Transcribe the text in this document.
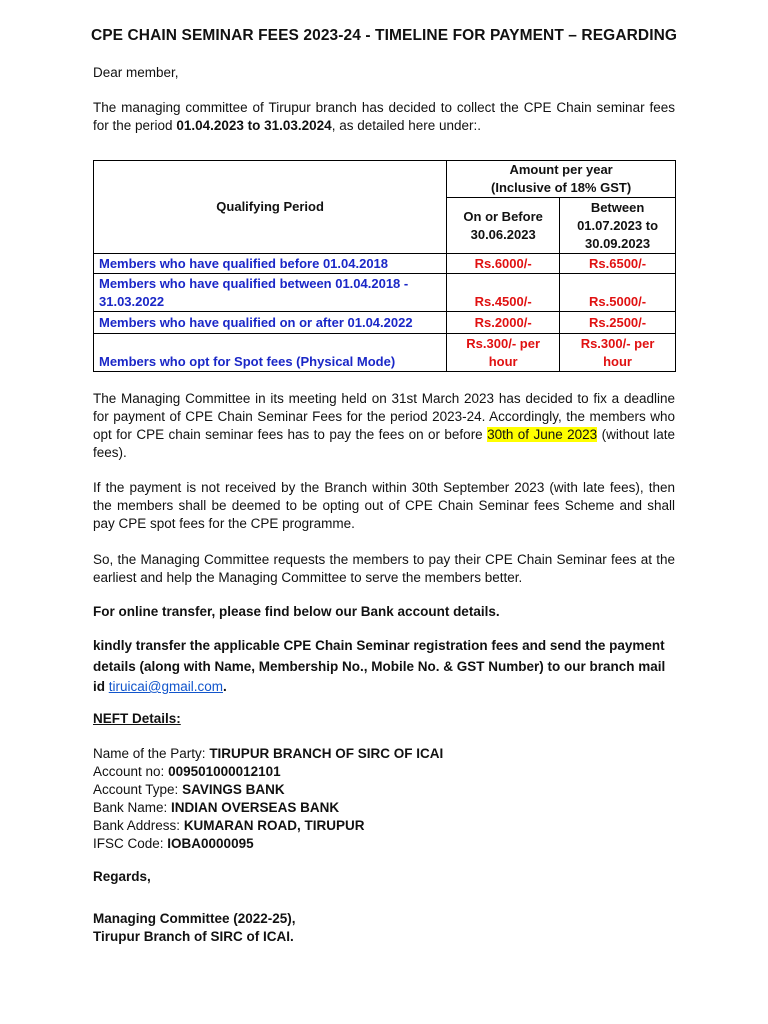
CPE CHAIN SEMINAR FEES 2023-24 - TIMELINE FOR PAYMENT – REGARDING
Dear member,
The managing committee of Tirupur branch has decided to collect the CPE Chain seminar fees for the period 01.04.2023 to 31.03.2024, as detailed here under:.
Qualifying Period	Amount per year
(Inclusive of 18% GST)	

	On or Before 30.06.2023	Between 01.07.2023 to 30.09.2023
Members who have qualified before 01.04.2018	Rs.6000/-	Rs.6500/-
Members who have qualified between 01.04.2018 - 31.03.2022	Rs.4500/-	Rs.5000/-
Members who have qualified on or after 01.04.2022	Rs.2000/-	Rs.2500/-
Members who opt for Spot fees (Physical Mode)	Rs.300/- per hour	Rs.300/- per hour
The Managing Committee in its meeting held on 31st March 2023 has decided to fix a deadline for payment of CPE Chain Seminar Fees for the period 2023-24. Accordingly, the members who opt for CPE chain seminar fees has to pay the fees on or before 30th of June 2023 (without late fees).
If the payment is not received by the Branch within 30th September 2023 (with late fees), then the members shall be deemed to be opting out of CPE Chain Seminar fees Scheme and shall pay CPE spot fees for the CPE programme.
So, the Managing Committee requests the members to pay their CPE Chain Seminar fees at the earliest and help the Managing Committee to serve the members better.
For online transfer, please find below our Bank account details.
kindly transfer the applicable CPE Chain Seminar registration fees and send the payment details (along with Name, Membership No., Mobile No. & GST Number) to our branch mail id tiruicai@gmail.com.
NEFT Details:
Name of the Party: TIRUPUR BRANCH OF SIRC OF ICAI
Account no: 009501000012101
Account Type: SAVINGS BANK
Bank Name: INDIAN OVERSEAS BANK
Bank Address: KUMARAN ROAD, TIRUPUR
IFSC Code: IOBA0000095
Regards,
Managing Committee (2022-25),
Tirupur Branch of SIRC of ICAI.
